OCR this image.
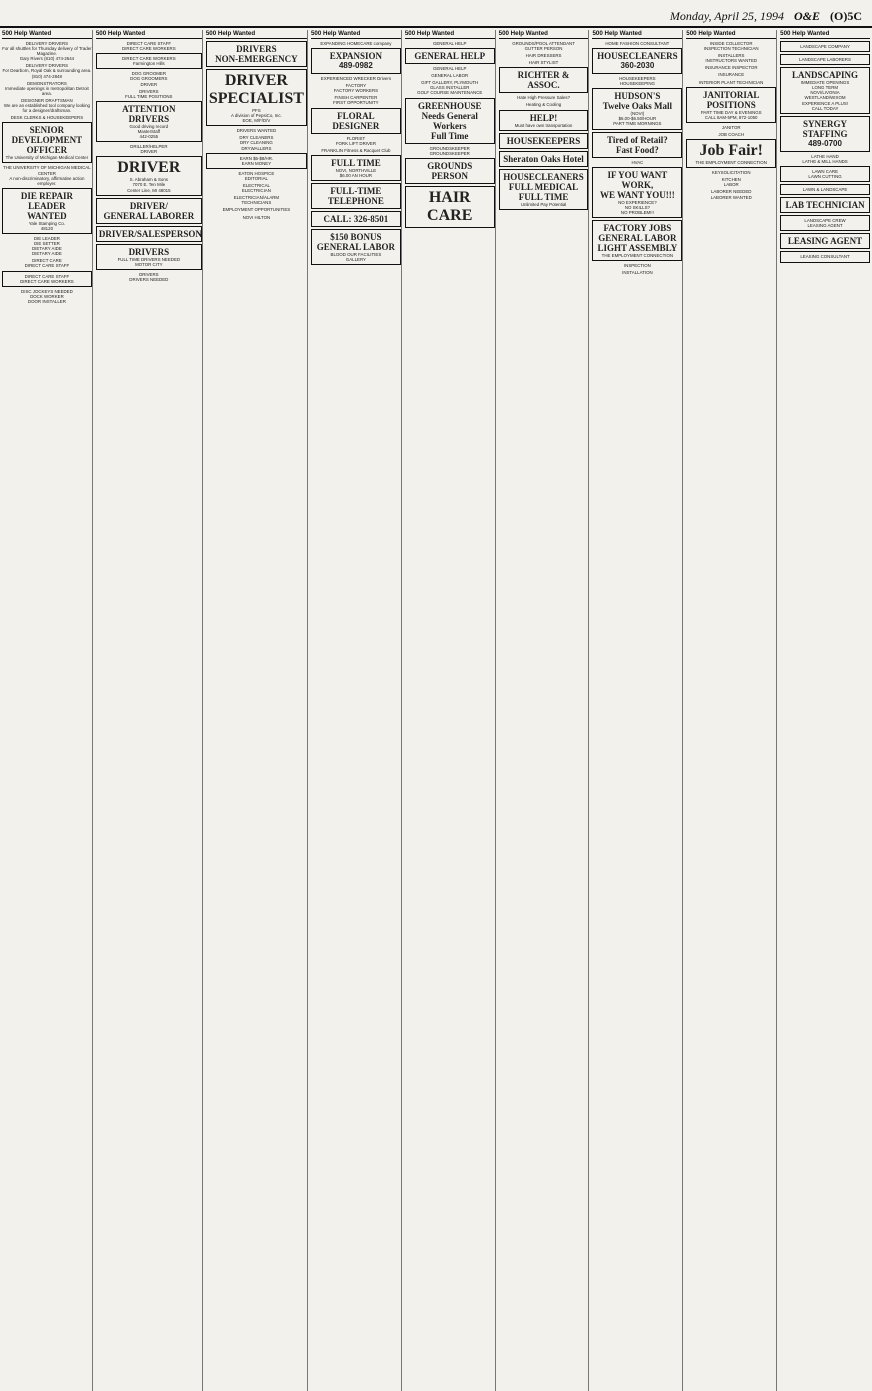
Monday, April 25, 1994 O&E (O)5C
500 Help Wanted

DELIVERY DRIVERS

For all shuttles for Thursday delivery of Trader Magazine.

Gary Rivers (810) 474-2644

DELIVERY DRIVERS

For Dearborn, Royal Oak & surrounding area.

(810) 474-2848

DEMONSTRATORS

Immediate openings in metropolitan Detroit area.

DESIGNER DRAFTSMAN

We are an established tool company looking for a designer/draftsman.

DESK CLERKS & HOUSEKEEPERS

SENIOR

DEVELOPMENT

OFFICER

The University of Michigan Medical Center

THE UNIVERSITY OF MICHIGAN MEDICAL CENTER

A non-discriminatory, affirmative action employer.

DIE REPAIR

LEADER

WANTED

Yale Stamping Co.

48120

DIE LEADER

DIE SETTER

DIETARY AIDE

DIETARY AIDE

DIRECT CARE

DIRECT CARE STAFF

DIRECT CARE STAFF

DIRECT CARE WORKERS

DISC JOCKEYS NEEDED

DOCK WORKER

DOOR INSTALLER

500 Help Wanted

DIRECT CARE STAFF

DIRECT CARE WORKERS

DIRECT CARE WORKERS

Farmington Hills

DOG GROOMER

DOG GROOMERS

DRIVER

DRIVERS

FULL TIME POSITIONS

ATTENTION

DRIVERS

Good driving record

MasterStaff

442-0255

DRILLER/HELPER

DRIVER

DRIVER

S. Abraham & Sons

7070 E. Ten Mile

Center Line, MI 48015

DRIVER/

GENERAL LABORER

DRIVER/SALESPERSON

DRIVERS

FULL TIME DRIVERS NEEDED

MOTOR CITY

DRIVERS

DRIVERS NEEDED

500 Help Wanted

DRIVERS

NON-EMERGENCY

DRIVER

SPECIALIST

PFS

A division of PepsiCo, Inc.

EOE, M/F/D/V

DRIVERS WANTED

DRY CLEANERS

DRY CLEANING

DRYWALLERS

EARN $6-$8/HR.

EARN MONEY

EATON HOSPICE

EDITORIAL

ELECTRICAL

ELECTRICIAN

ELECTRICIAN/ALARM

TECHNICIANS

EMPLOYMENT OPPORTUNITIES

NOVI HILTON

500 Help Wanted

EXPANDING HOMECARE company

EXPANSION

489-0982

EXPERIENCED WRECKER Drivers

FACTORY

FACTORY WORKERS

FINISH CARPENTER

FIRST OPPORTUNITY

FLORAL DESIGNER

FLORIST

FORK LIFT DRIVER

FRANKLIN Fitness & Racquet Club

FULL TIME

NOVI, NORTHVILLE

$6.00 AN HOUR

FULL-TIME

TELEPHONE

CALL: 326-8501

$150 BONUS

GENERAL LABOR

BLOOD OUR FACILITIES

GALLERY

500 Help Wanted

GENERAL HELP

GENERAL HELP

GENERAL HELP

GENERAL LABOR

GIFT GALLERY, PLYMOUTH

GLASS INSTALLER

GOLF COURSE MAINTENANCE

GREENHOUSE

Needs General Workers

Full Time

GROUNDSKEEPER

GROUNDSKEEPER

GROUNDS

PERSON

HAIR CARE

500 Help Wanted

GROUNDS/POOL ATTENDANT

GUTTER PERSON

HAIR DRESSERS

HAIR STYLIST

RICHTER & ASSOC.

Hate High Pressure Sales?

Heating & Cooling

HELP!

Must have own transportation

HOUSEKEEPERS

Sheraton Oaks Hotel

HOUSECLEANERS

FULL MEDICAL

FULL TIME

Unlimited Pay Potential

500 Help Wanted

HOME FASHION CONSULTANT

HOUSECLEANERS

360-2030

HOUSEKEEPERS

HOUSEKEEPING

HUDSON'S

Twelve Oaks Mall

(NOVI)

$6.00-$6.50/HOUR

PART TIME MORNINGS

Tired of Retail?

Fast Food?

HVAC

IF YOU WANT WORK,

WE WANT YOU!!!

NO EXPERIENCE?

NO SKILLS?

NO PROBLEM!!!

FACTORY JOBS

GENERAL LABOR

LIGHT ASSEMBLY

THE EMPLOYMENT CONNECTION

INSPECTION

INSTALLATION

500 Help Wanted

INSIDE COLLECTOR

INSPECTION TECHNICIAN

INSTALLERS

INSTRUCTORS WANTED

INSURANCE INSPECTOR

INSURANCE

INTERIOR PLANT TECHNICIAN

JANITORIAL POSITIONS

PART TIME DAY & EVENINGS

CALL 8AM-5PM, 872-1050

JANITOR

JOB COACH

Job Fair!

THE EMPLOYMENT CONNECTION

KEYSOLICITATION

KITCHEN

LABOR

LABORER NEEDED

LABORER WANTED

500 Help Wanted

LANDSCAPE COMPANY

LANDSCAPE LABORERS

LANDSCAPING

IMMEDIATE OPENINGS

LONG TERM

NOVI/LIVONIA

WESTLAND/WIXOM

EXPERIENCE A PLUS!

CALL TODAY

SYNERGY STAFFING

489-0700

LATHE HAND

LATHE & MILL HANDS

LAWN CARE

LAWN CUTTING

LAWN & LANDSCAPE

LAB TECHNICIAN

LANDSCAPE CREW

LEASING AGENT

LEASING AGENT

LEASING CONSULTANT
